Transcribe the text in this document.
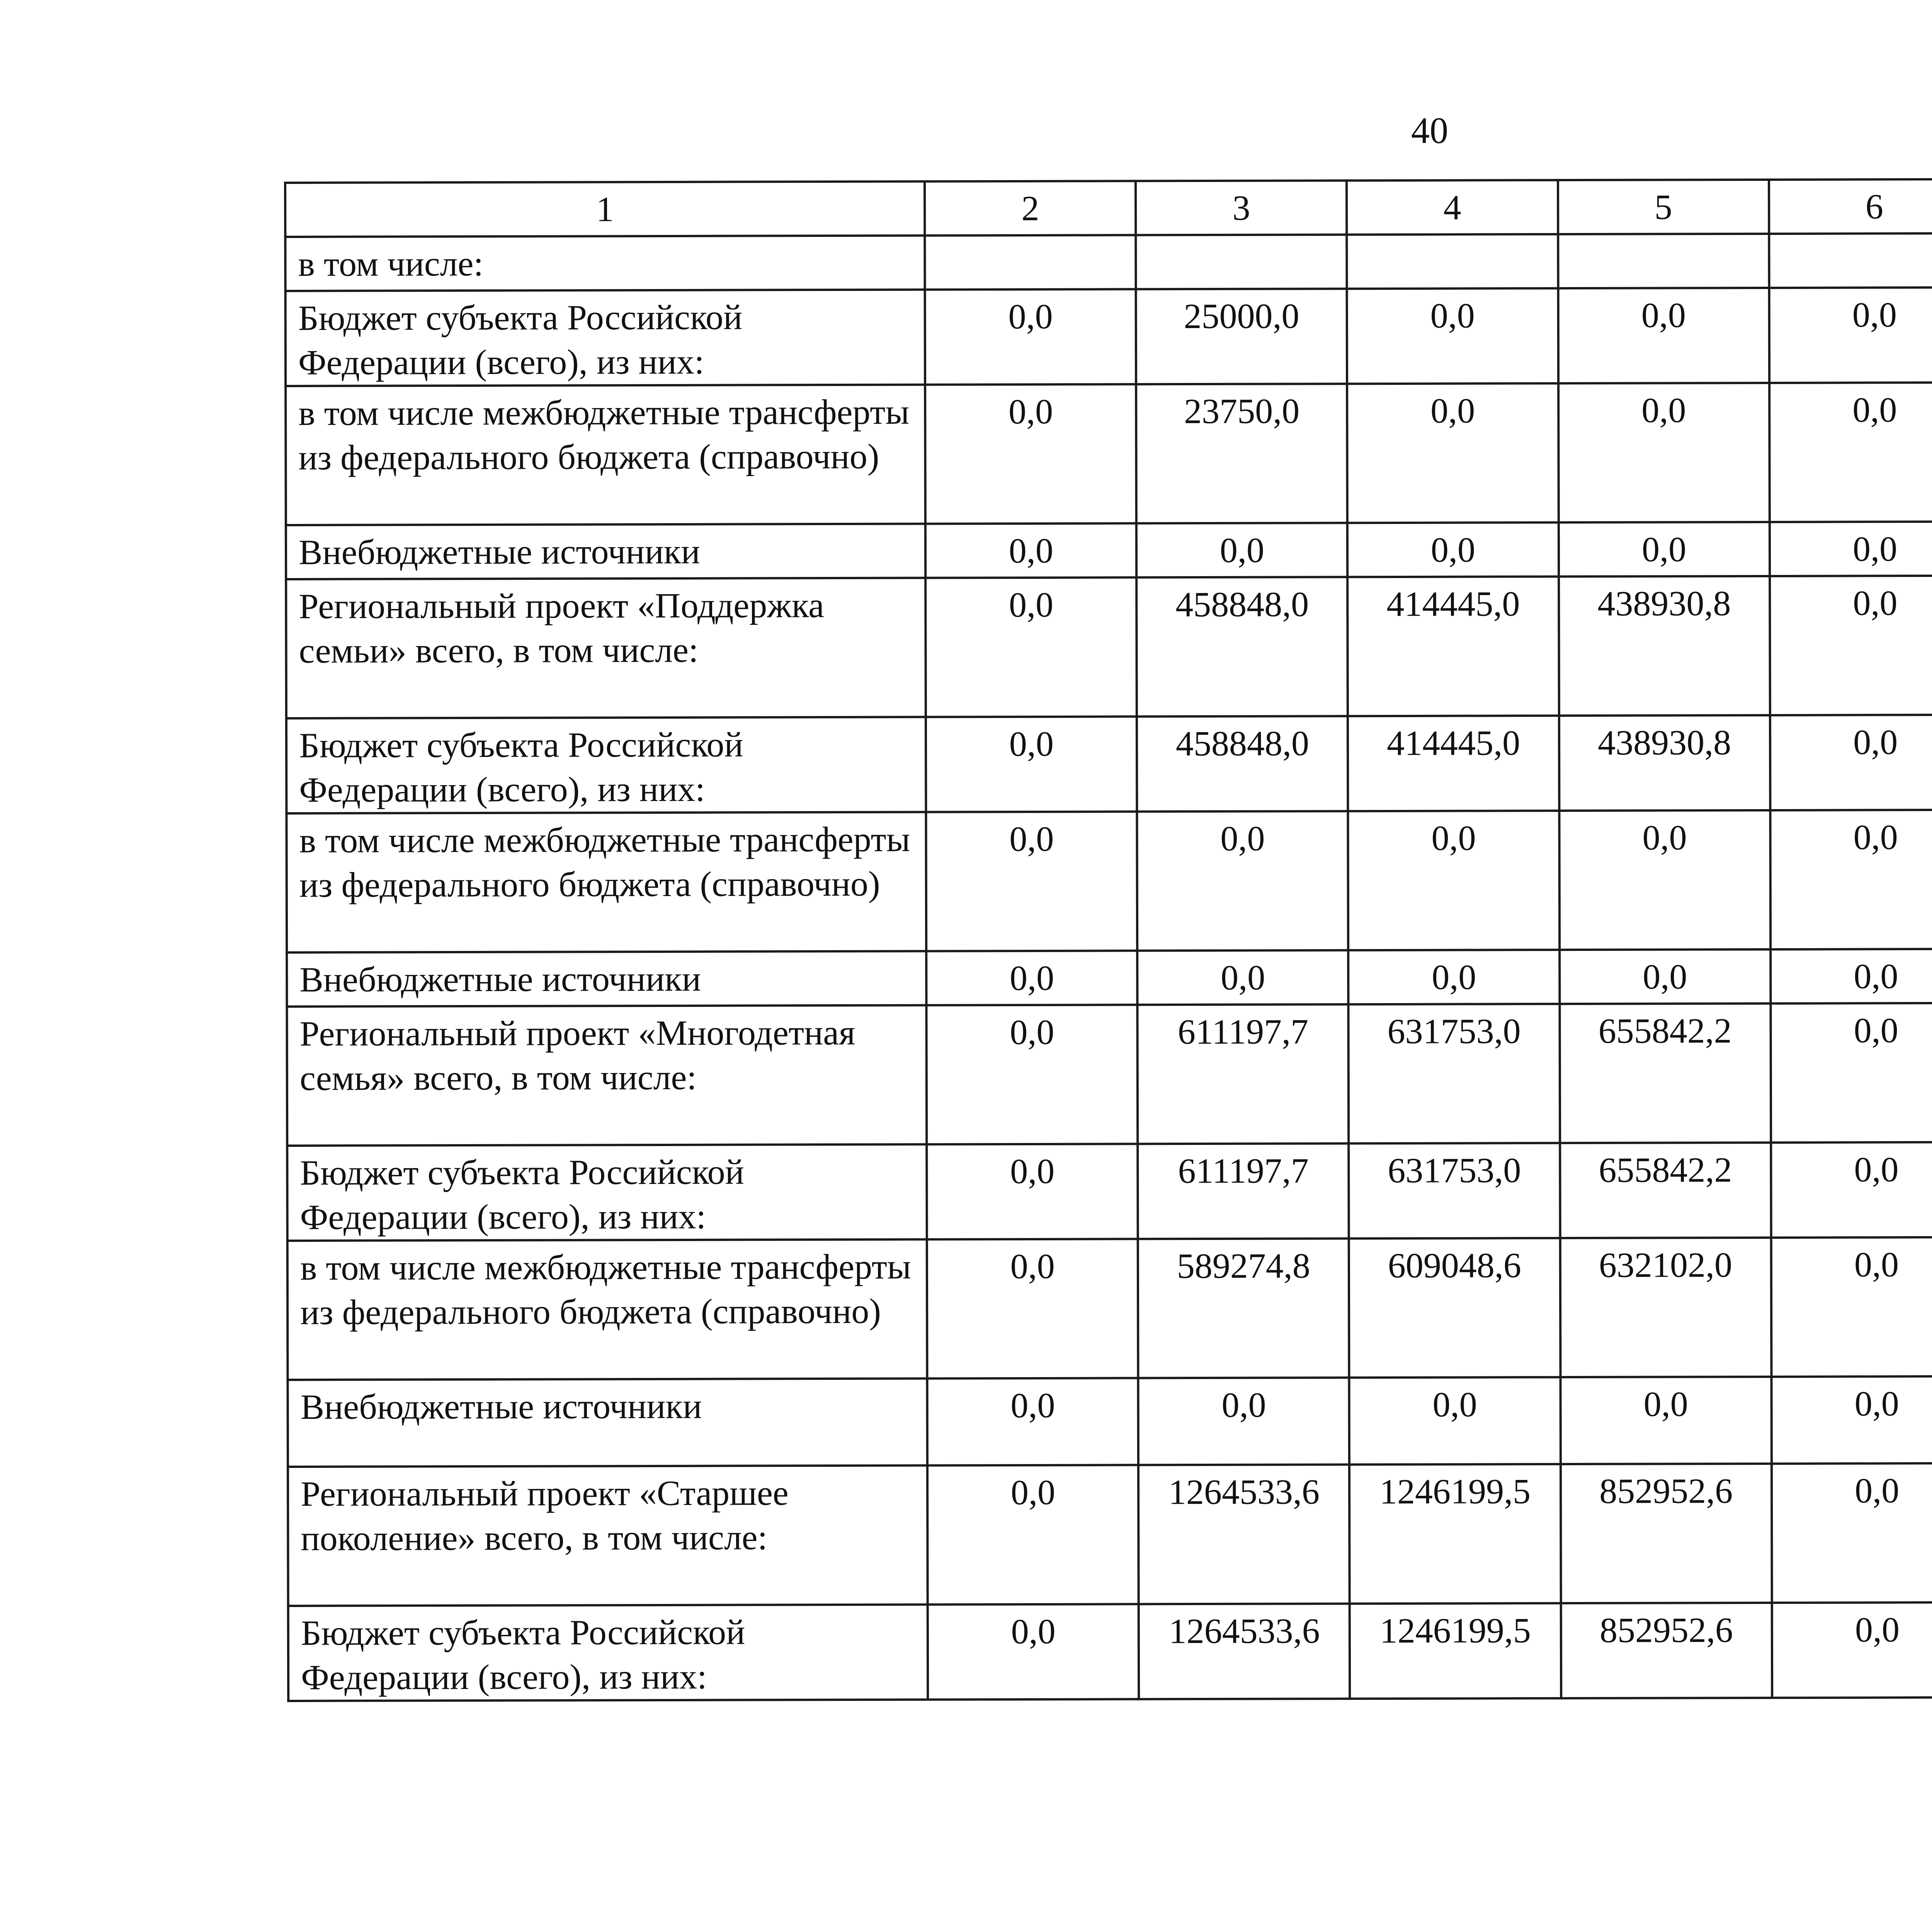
40
1	2	3	4	5	6			
в том числе:								
Бюджет субъекта Российской Федерации (всего), из них:	0,0	25000,0	0,0	0,0	0,0			
в том числе межбюджетные трансферты из федерального бюджета (справочно)	0,0	23750,0	0,0	0,0	0,0			
Внебюджетные источники	0,0	0,0	0,0	0,0	0,0			
Региональный проект «Поддержка семьи» всего, в том числе:	0,0	458848,0	414445,0	438930,8	0,0			
Бюджет субъекта Российской Федерации (всего), из них:	0,0	458848,0	414445,0	438930,8	0,0			
в том числе межбюджетные трансферты из федерального бюджета (справочно)	0,0	0,0	0,0	0,0	0,0			
Внебюджетные источники	0,0	0,0	0,0	0,0	0,0			
Региональный проект «Многодетная семья» всего, в том числе:	0,0	611197,7	631753,0	655842,2	0,0			
Бюджет субъекта Российской Федерации (всего), из них:	0,0	611197,7	631753,0	655842,2	0,0			
в том числе межбюджетные трансферты из федерального бюджета (справочно)	0,0	589274,8	609048,6	632102,0	0,0			
Внебюджетные источники	0,0	0,0	0,0	0,0	0,0			
Региональный проект «Старшее поколение» всего, в том числе:	0,0	1264533,6	1246199,5	852952,6	0,0			
Бюджет субъекта Российской Федерации (всего), из них:	0,0	1264533,6	1246199,5	852952,6	0,0			
